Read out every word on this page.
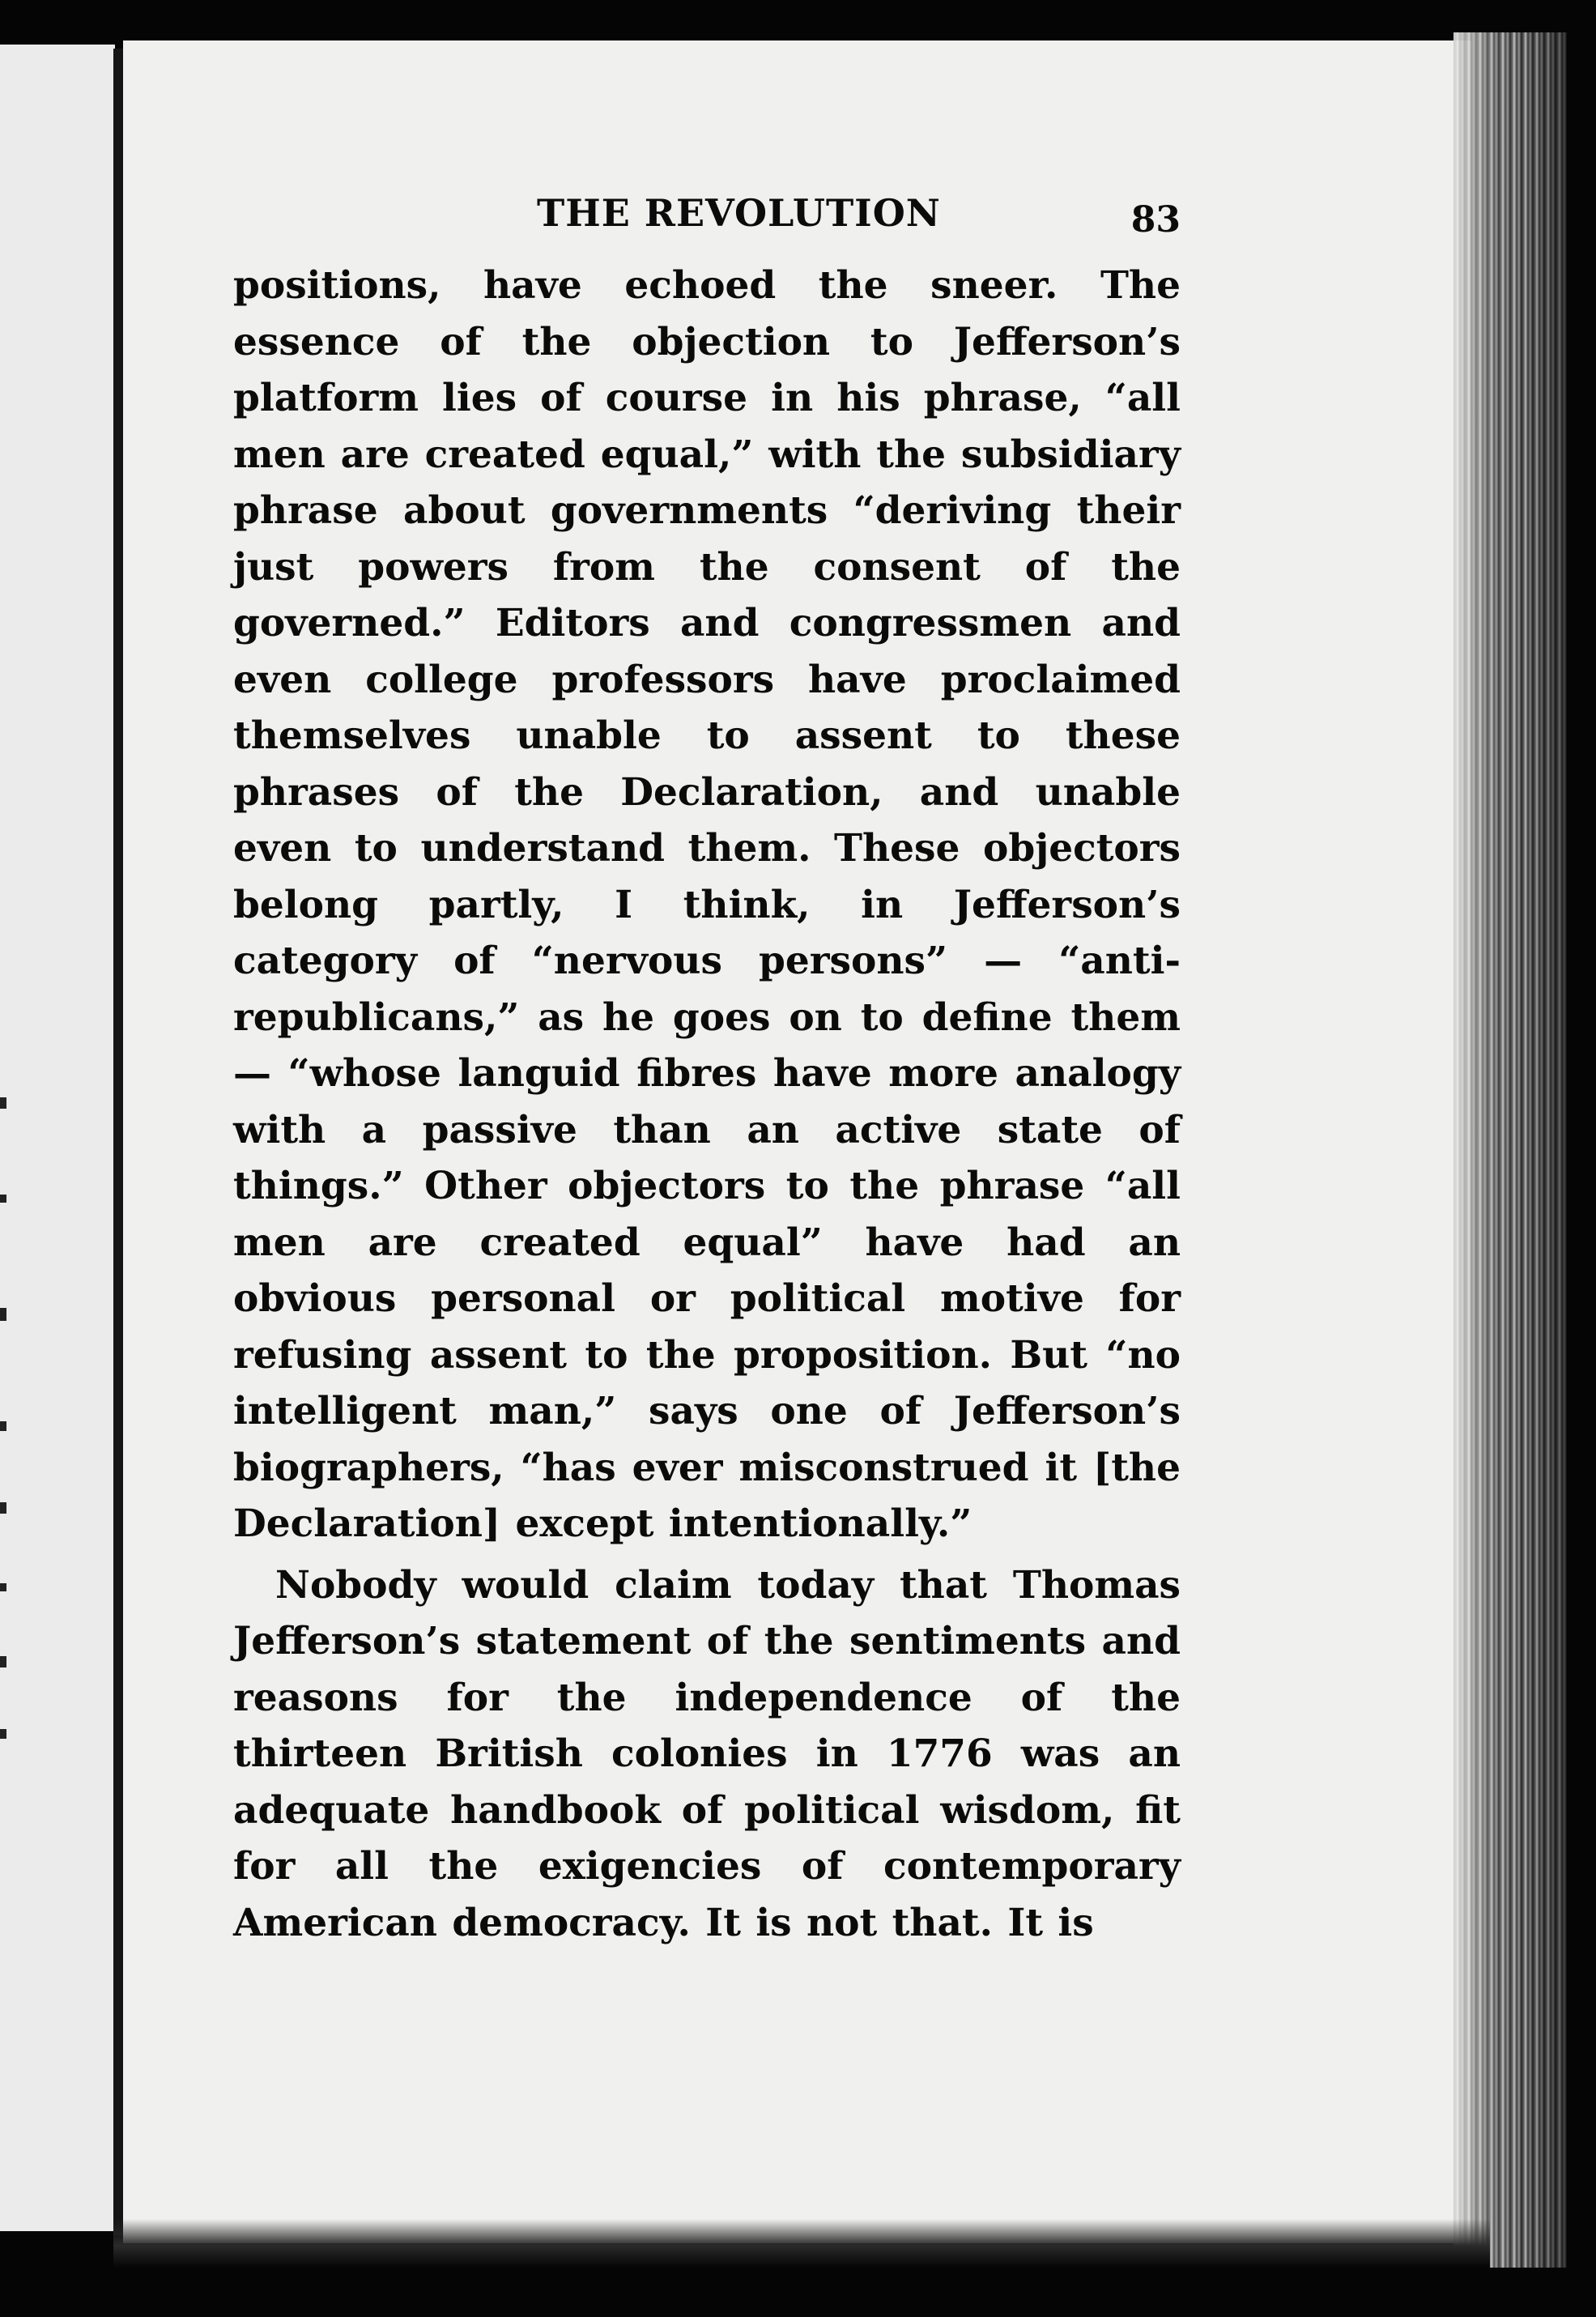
THE REVOLUTION	83

positions, have echoed the sneer. The essence of the objection to Jefferson’s platform lies of course in his phrase, “all men are created equal,” with the subsidiary phrase about governments “deriving their just powers from the consent of the governed.” Editors and congressmen and even college professors have proclaimed themselves unable to assent to these phrases of the Declaration, and unable even to understand them. These objectors belong partly, I think, in Jefferson’s category of “nervous persons” — “anti-republicans,” as he goes on to define them — “whose languid fibres have more analogy with a passive than an active state of things.” Other objectors to the phrase “all men are created equal” have had an obvious personal or political motive for refusing assent to the proposition. But “no intelligent man,” says one of Jefferson’s biographers, “has ever misconstrued it [the Declaration] except intentionally.”

Nobody would claim today that Thomas Jefferson’s statement of the sentiments and reasons for the independence of the thirteen British colonies in 1776 was an adequate handbook of political wisdom, fit for all the exigencies of contemporary American democracy. It is not that. It is
